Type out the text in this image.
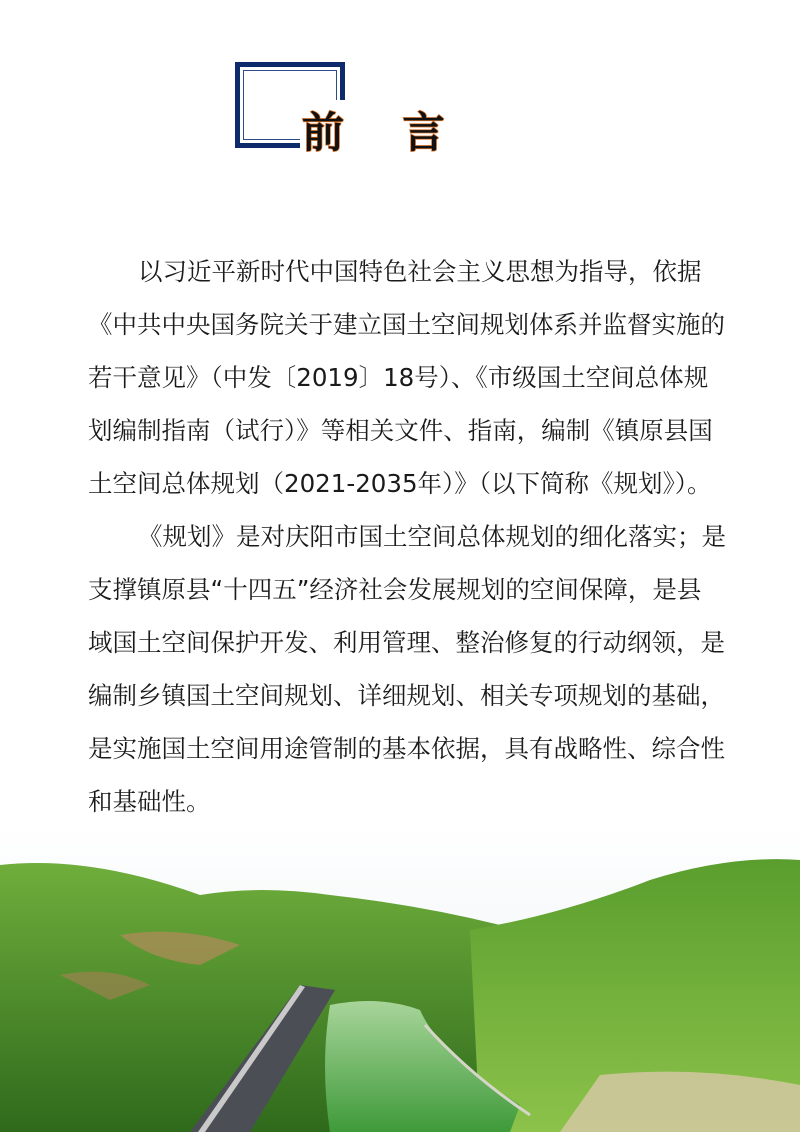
前 言
以习近平新时代中国特色社会主义思想为指导，依据
《中共中央国务院关于建立国土空间规划体系并监督实施的
若干意见》（中发〔2019〕18号）、《市级国土空间总体规
划编制指南（试行）》等相关文件、指南，编制《镇原县国
土空间总体规划（2021-2035年）》（以下简称《规划》）。
《规划》是对庆阳市国土空间总体规划的细化落实；是
支撑镇原县“十四五”经济社会发展规划的空间保障，是县
域国土空间保护开发、利用管理、整治修复的行动纲领，是
编制乡镇国土空间规划、详细规划、相关专项规划的基础，
是实施国土空间用途管制的基本依据，具有战略性、综合性
和基础性。
